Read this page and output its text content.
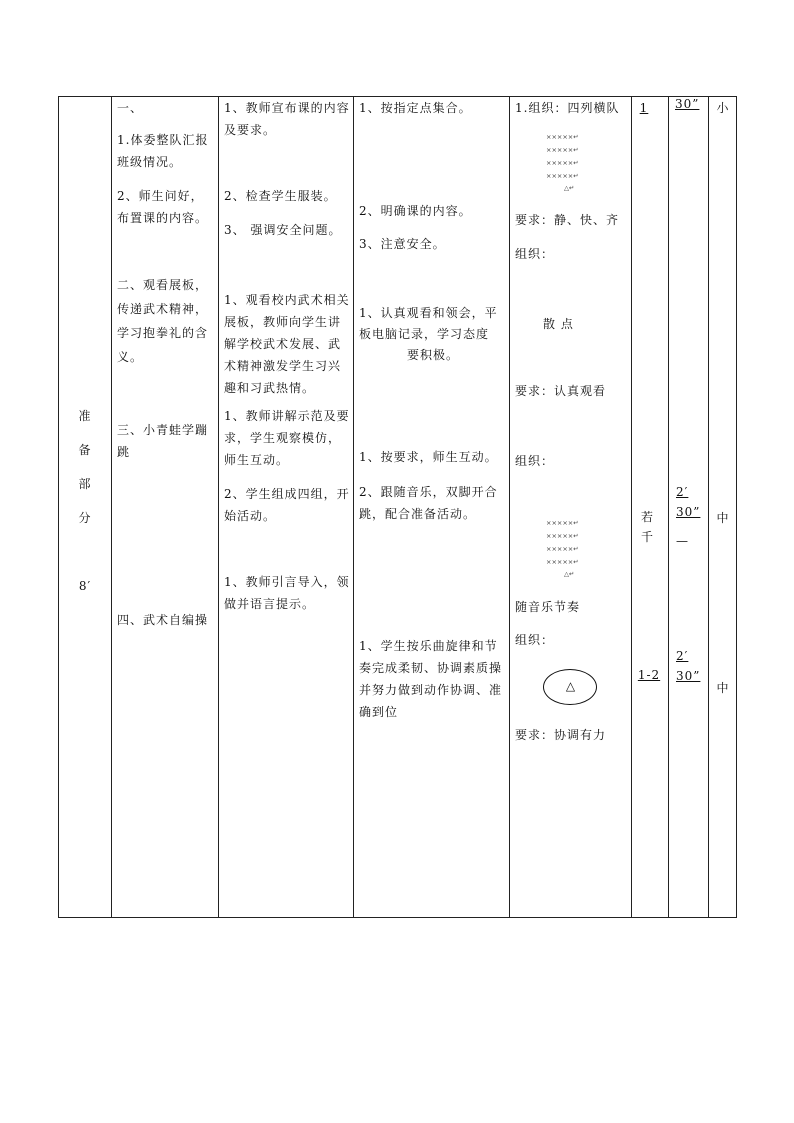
准
备
部
分
8′
一、
1.体委整队汇报班级情况。
2、师生问好，布置课的内容。
二、观看展板，传递武术精神，学习抱拳礼的含义。
三、小青蛙学蹦跳
四、武术自编操
1、教师宣布课的内容及要求。
2、检查学生服装。
3、 强调安全问题。
1、观看校内武术相关展板，教师向学生讲解学校武术发展、武术精神激发学生习兴趣和习武热情。
1、教师讲解示范及要求，学生观察模仿，师生互动。
2、学生组成四组，开始活动。
1、教师引言导入，领做并语言提示。
1、按指定点集合。
2、明确课的内容。
3、注意安全。
1、认真观看和领会，平
板电脑记录，学习态度
要积极。
1、按要求，师生互动。
2、跟随音乐，双脚开合跳，配合准备活动。
1、学生按乐曲旋律和节奏完成柔韧、协调素质操并努力做到动作协调、准确到位
1.组织：四列横队
×××××↵
×××××↵
×××××↵
×××××↵
△↵
要求：静、快、齐
组织：
散 点
要求：认真观看
组织：
×××××↵
×××××↵
×××××↵
×××××↵
△↵
随音乐节奏
组织：
△
要求：协调有力
1
若千
1-2
30”
2′
30”
—
2′
30”
小
中
中
